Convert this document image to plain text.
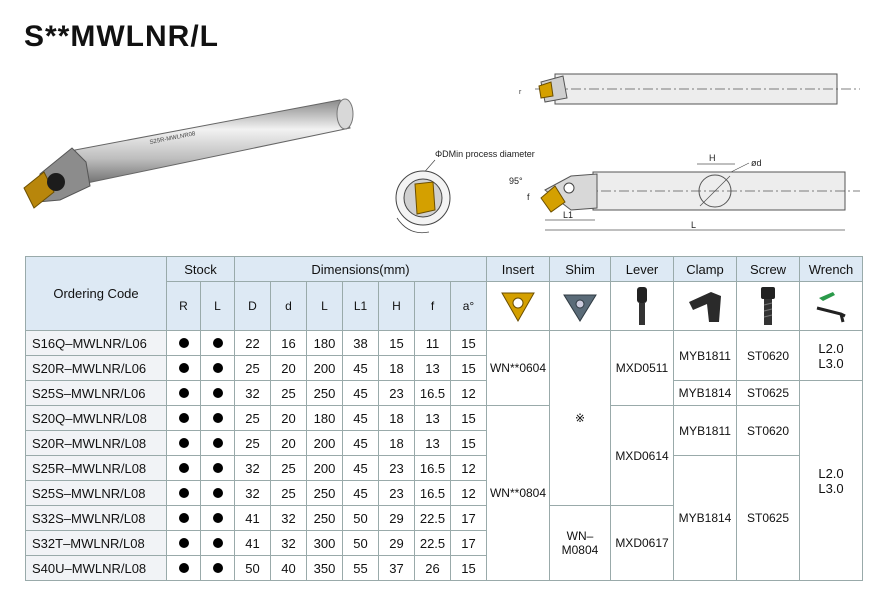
S**MWLNR/L
S25R-MWLNR08
r
ΦDMin process diameter	H	ød
L
L1
f
95°
Ordering Code	Stock		Dimensions(mm)							Insert	Shim	Lever	Clamp	Screw	Wrench
	R	L	D	d	L	L1	H	f	a°	

S16Q–MWLNR/L06			22	16	180	38	15	11	15	WN**0604	※	MXD0511	MYB1811	ST0620	L2.0
L3.0

S20R–MWLNR/L06			25	20	200	45	18	13	15						
S25S–MWLNR/L06			32	25	250	45	23	16.5	12				MYB1814	ST0625	L2.0
L3.0

S20Q–MWLNR/L08			25	20	180	45	18	13	15	WN**0804		MXD0614	MYB1811	ST0620	
S20R–MWLNR/L08			25	20	200	45	18	13	15						
S25R–MWLNR/L08			32	25	200	45	23	16.5	12				MYB1814	ST0625	
S25S–MWLNR/L08			32	25	250	45	23	16.5	12						
S32S–MWLNR/L08			41	32	250	50	29	22.5	17		WN–M0804	MXD0617			
S32T–MWLNR/L08			41	32	300	50	29	22.5	17						
S40U–MWLNR/L08			50	40	350	55	37	26	15						
